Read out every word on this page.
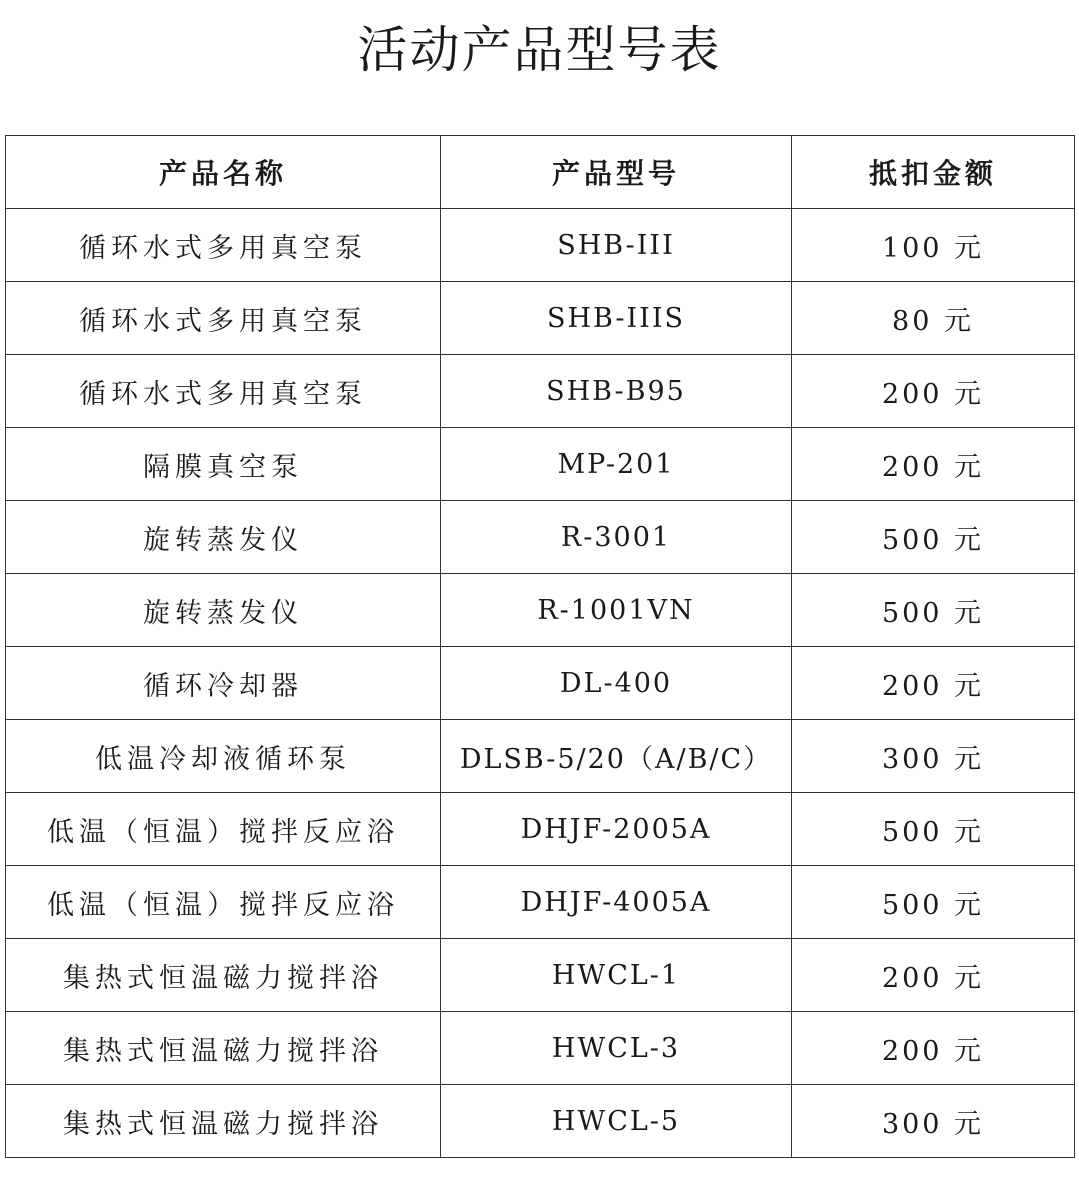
活动产品型号表
产品名称	产品型号	抵扣金额
循环水式多用真空泵	SHB-III	100 元
循环水式多用真空泵	SHB-IIIS	80 元
循环水式多用真空泵	SHB-B95	200 元
隔膜真空泵	MP-201	200 元
旋转蒸发仪	R-3001	500 元
旋转蒸发仪	R-1001VN	500 元
循环冷却器	DL-400	200 元
低温冷却液循环泵	DLSB-5/20（A/B/C）	300 元
低温（恒温）搅拌反应浴	DHJF-2005A	500 元
低温（恒温）搅拌反应浴	DHJF-4005A	500 元
集热式恒温磁力搅拌浴	HWCL-1	200 元
集热式恒温磁力搅拌浴	HWCL-3	200 元
集热式恒温磁力搅拌浴	HWCL-5	300 元
